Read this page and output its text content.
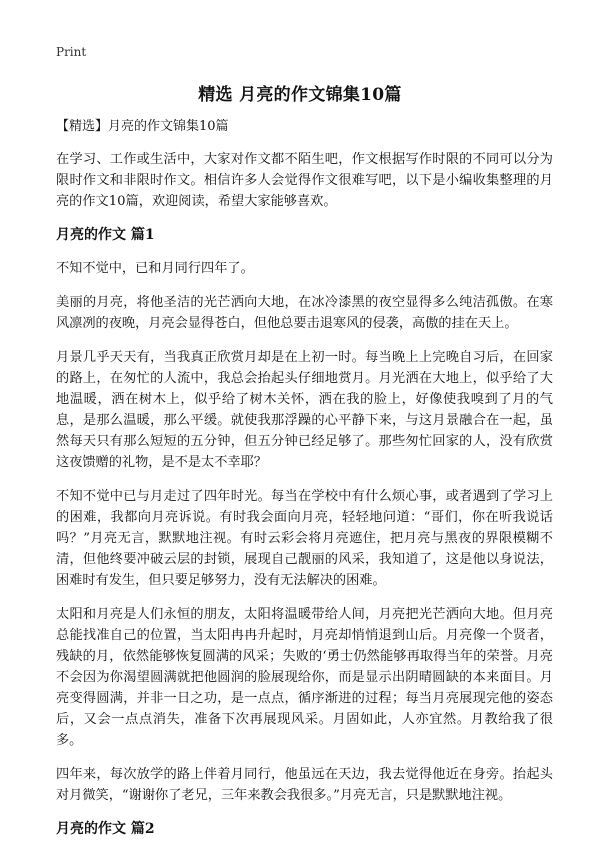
Print
精选 月亮的作文锦集10篇
【精选】月亮的作文锦集10篇

在学习、工作或生活中，大家对作文都不陌生吧，作文根据写作时限的不同可以分为限时作文和非限时作文。相信许多人会觉得作文很难写吧，以下是小编收集整理的月亮的作文10篇，欢迎阅读，希望大家能够喜欢。

月亮的作文 篇1

不知不觉中，已和月同行四年了。

美丽的月亮，将他圣洁的光芒洒向大地，在冰冷漆黑的夜空显得多么纯洁孤傲。在寒风凛冽的夜晚，月亮会显得苍白，但他总要击退寒风的侵袭，高傲的挂在天上。

月景几乎天天有，当我真正欣赏月却是在上初一时。每当晚上上完晚自习后，在回家的路上，在匆忙的人流中，我总会抬起头仔细地赏月。月光洒在大地上，似乎给了大地温暖，洒在树木上，似乎给了树木关怀，洒在我的脸上，好像使我嗅到了月的气息，是那么温暖，那么平缓。就使我那浮躁的心平静下来，与这月景融合在一起，虽然每天只有那么短短的五分钟，但五分钟已经足够了。那些匆忙回家的人，没有欣赏这夜馈赠的礼物，是不是太不幸耶？

不知不觉中已与月走过了四年时光。每当在学校中有什么烦心事，或者遇到了学习上的困难，我都向月亮诉说。有时我会面向月亮，轻轻地问道：“哥们，你在听我说话吗？”月亮无言，默默地注视。有时云彩会将月亮遮住，把月亮与黑夜的界限模糊不清，但他终要冲破云层的封锁，展现自己靓丽的风采，我知道了，这是他以身说法，困难时有发生，但只要足够努力，没有无法解决的困难。

太阳和月亮是人们永恒的朋友，太阳将温暖带给人间，月亮把光芒洒向大地。但月亮总能找准自己的位置，当太阳冉冉升起时，月亮却悄悄退到山后。月亮像一个贤者，残缺的月，依然能够恢复圆满的风采；失败的‘勇士仍然能够再取得当年的荣誉。月亮不会因为你渴望圆满就把他圆润的脸展现给你，而是显示出阴晴圆缺的本来面目。月亮变得圆满，并非一日之功，是一点点，循序渐进的过程；每当月亮展现完他的姿态后，又会一点点消失，准备下次再展现风采。月固如此，人亦宜然。月教给我了很多。

四年来，每次放学的路上伴着月同行，他虽远在天边，我去觉得他近在身旁。抬起头对月微笑，“谢谢你了老兄，三年来教会我很多。”月亮无言，只是默默地注视。

月亮的作文 篇2
